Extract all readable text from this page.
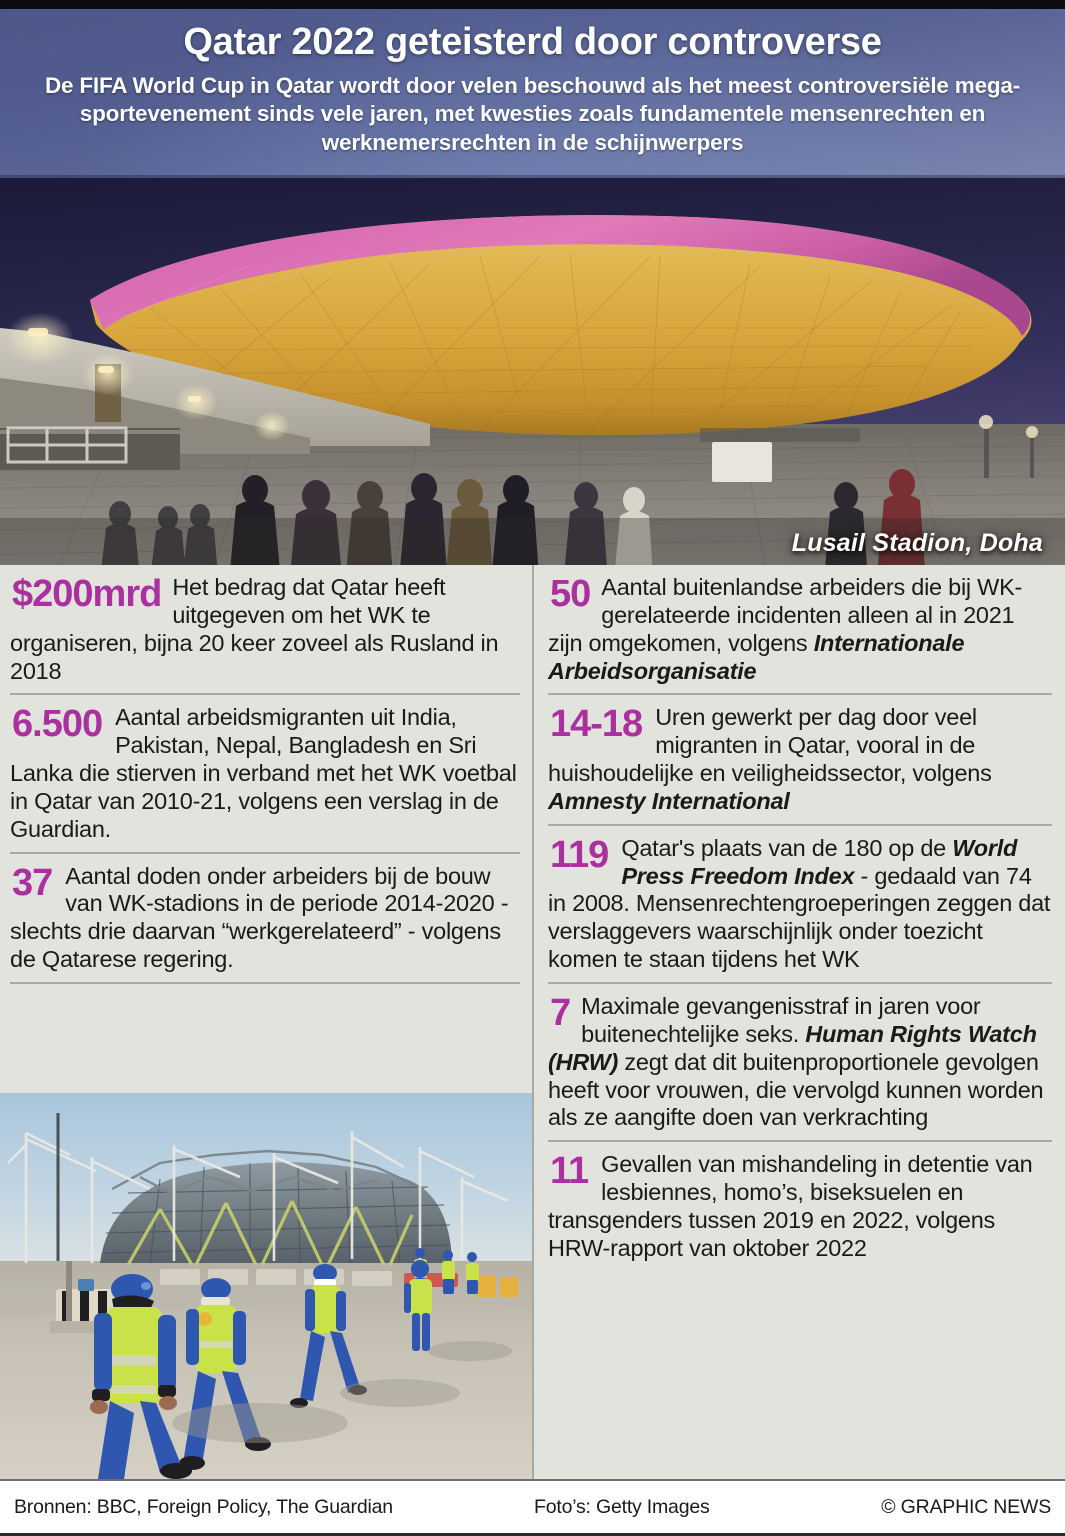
Qatar 2022 geteisterd door controverse
De FIFA World Cup in Qatar wordt door velen beschouwd als het meest controversiële mega-sportevenement sinds vele jaren, met kwesties zoals fundamentele mensenrechten en werknemersrechten in de schijnwerpers
Lusail Stadion, Doha
$200mrd Het bedrag dat Qatar heeft uitgegeven om het WK te organiseren, bijna 20 keer zoveel als Rusland in 2018
6.500 Aantal arbeidsmigranten uit India, Pakistan, Nepal, Bangladesh en Sri Lanka die stierven in verband met het WK voetbal in Qatar van 2010-21, volgens een verslag in de Guardian.
37 Aantal doden onder arbeiders bij de bouw van WK-stadions in de periode 2014-2020 - slechts drie daarvan “werkgerelateerd” - volgens de Qatarese regering.
50 Aantal buitenlandse arbeiders die bij WK-gerelateerde incidenten alleen al in 2021 zijn omgekomen, volgens Internationale Arbeidsorganisatie
14-18 Uren gewerkt per dag door veel migranten in Qatar, vooral in de huishoudelijke en veiligheidssector, volgens Amnesty International
119 Qatar's plaats van de 180 op de World Press Freedom Index - gedaald van 74 in 2008. Mensenrechtengroeperingen zeggen dat verslaggevers waarschijnlijk onder toezicht komen te staan tijdens het WK
7 Maximale gevangenisstraf in jaren voor buitenechtelijke seks. Human Rights Watch (HRW) zegt dat dit buitenproportionele gevolgen heeft voor vrouwen, die vervolgd kunnen worden als ze aangifte doen van verkrachting
11 Gevallen van mishandeling in detentie van lesbiennes, homo’s, biseksuelen en transgenders tussen 2019 en 2022, volgens HRW-rapport van oktober 2022
Bronnen: BBC, Foreign Policy, The Guardian	Foto’s: Getty Images	© GRAPHIC NEWS
